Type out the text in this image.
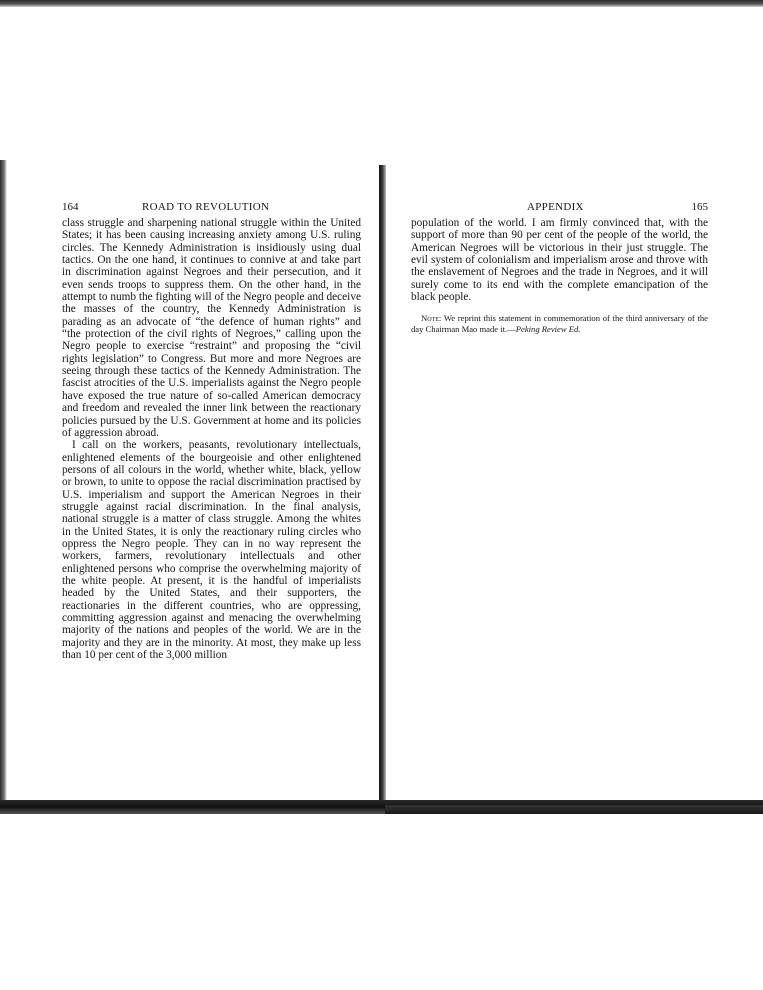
164	ROAD TO REVOLUTION

class struggle and sharpening national struggle within the United States; it has been causing increasing anxiety among U.S. ruling circles. The Kennedy Administration is insidiously using dual tactics. On the one hand, it continues to connive at and take part in discrimination against Negroes and their persecution, and it even sends troops to suppress them. On the other hand, in the attempt to numb the fighting will of the Negro people and deceive the masses of the country, the Kennedy Administration is parading as an advocate of “the defence of human rights” and “the protection of the civil rights of Negroes,” calling upon the Negro people to exercise “restraint” and proposing the “civil rights legislation” to Congress. But more and more Negroes are seeing through these tactics of the Kennedy Administration. The fascist atrocities of the U.S. imperialists against the Negro people have exposed the true nature of so-called American democracy and freedom and revealed the inner link between the reactionary policies pursued by the U.S. Government at home and its policies of aggression abroad.

I call on the workers, peasants, revolutionary intellectuals, enlightened elements of the bourgeoisie and other enlightened persons of all colours in the world, whether white, black, yellow or brown, to unite to oppose the racial discrimination practised by U.S. imperialism and support the American Negroes in their struggle against racial discrimination. In the final analysis, national struggle is a matter of class struggle. Among the whites in the United States, it is only the reactionary ruling circles who oppress the Negro people. They can in no way represent the workers, farmers, revolutionary intellectuals and other enlightened persons who comprise the overwhelming majority of the white people. At present, it is the handful of imperialists headed by the United States, and their supporters, the reactionaries in the different countries, who are oppressing, committing aggression against and menacing the overwhelming majority of the nations and peoples of the world. We are in the majority and they are in the minority. At most, they make up less than 10 per cent of the 3,000 million

APPENDIX	165

population of the world. I am firmly convinced that, with the support of more than 90 per cent of the people of the world, the American Negroes will be victorious in their just struggle. The evil system of colonialism and imperialism arose and throve with the enslavement of Negroes and the trade in Negroes, and it will surely come to its end with the complete emancipation of the black people.

Note: We reprint this statement in commemoration of the third anniversary of the day Chairman Mao made it.—Peking Review Ed.
